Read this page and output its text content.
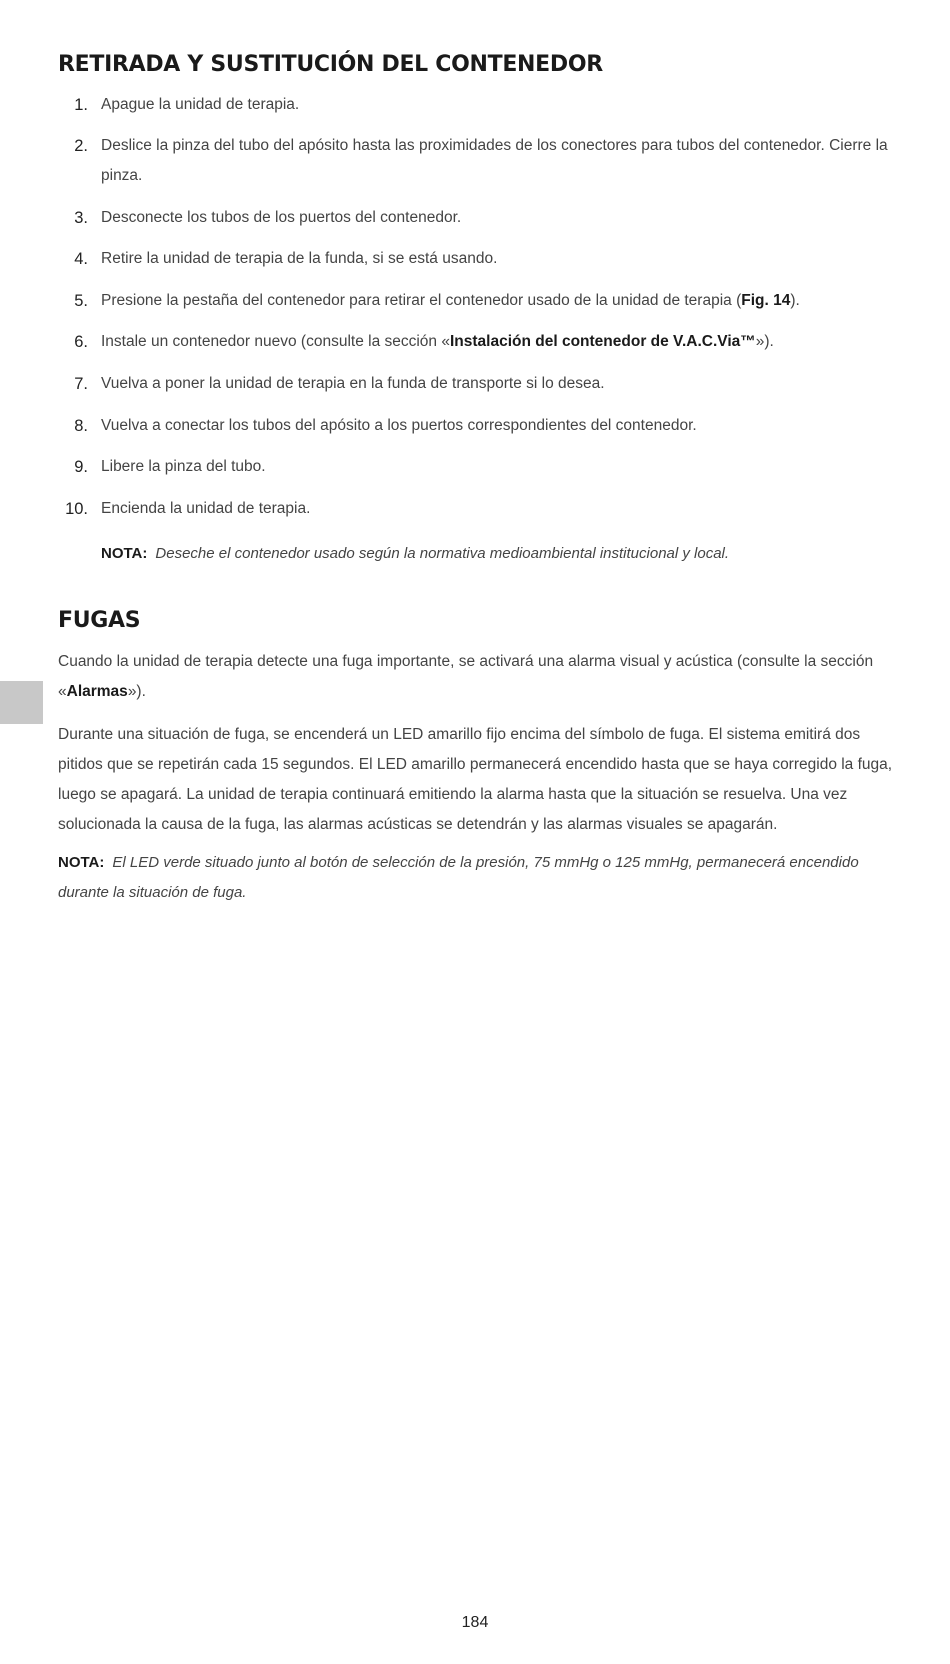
RETIRADA Y SUSTITUCIÓN DEL CONTENEDOR
1. Apague la unidad de terapia.
2. Deslice la pinza del tubo del apósito hasta las proximidades de los conectores para tubos del contenedor. Cierre la pinza.
3. Desconecte los tubos de los puertos del contenedor.
4. Retire la unidad de terapia de la funda, si se está usando.
5. Presione la pestaña del contenedor para retirar el contenedor usado de la unidad de terapia (Fig. 14).
6. Instale un contenedor nuevo (consulte la sección «Instalación del contenedor de V.A.C.Via™»).
7. Vuelva a poner la unidad de terapia en la funda de transporte si lo desea.
8. Vuelva a conectar los tubos del apósito a los puertos correspondientes del contenedor.
9. Libere la pinza del tubo.
10. Encienda la unidad de terapia.
NOTA: Deseche el contenedor usado según la normativa medioambiental institucional y local.
FUGAS

Cuando la unidad de terapia detecte una fuga importante, se activará una alarma visual y acústica (consulte la sección «Alarmas»).

Durante una situación de fuga, se encenderá un LED amarillo fijo encima del símbolo de fuga. El sistema emitirá dos pitidos que se repetirán cada 15 segundos. El LED amarillo permanecerá encendido hasta que se haya corregido la fuga, luego se apagará. La unidad de terapia continuará emitiendo la alarma hasta que la situación se resuelva. Una vez solucionada la causa de la fuga, las alarmas acústicas se detendrán y las alarmas visuales se apagarán.

NOTA: El LED verde situado junto al botón de selección de la presión, 75 mmHg o 125 mmHg, permanecerá encendido durante la situación de fuga.

184
